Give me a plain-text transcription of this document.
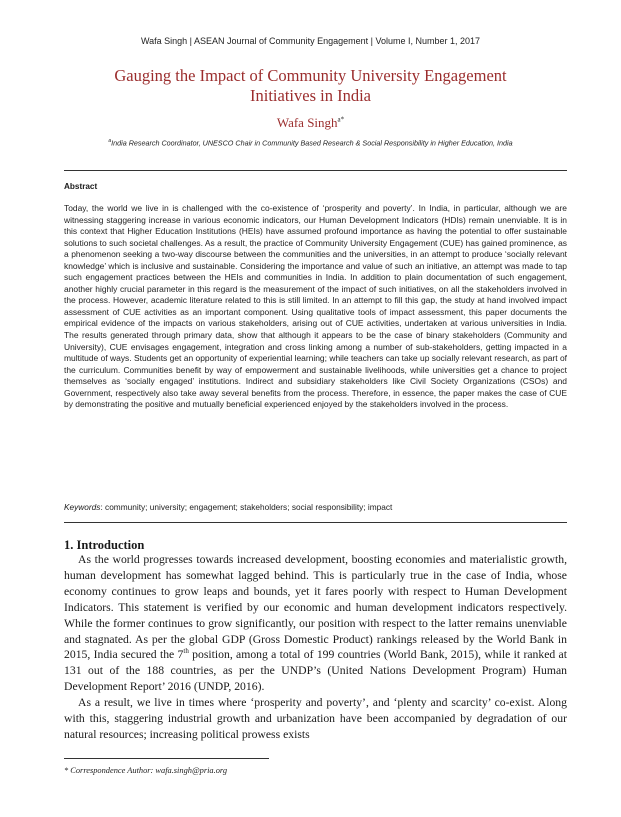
Wafa Singh | ASEAN Journal of Community Engagement | Volume I, Number 1, 2017
Gauging the Impact of Community University Engagement
Initiatives in India
Wafa Singh$^{a*}$
$^a$India Research Coordinator, UNESCO Chair in Community Based Research & Social Responsibility in Higher Education, India
Abstract

Today, the world we live in is challenged with the co-existence of ‘prosperity and poverty’. In India, in particular, although we are witnessing staggering increase in various economic indicators, our Human Development Indicators (HDIs) remain unenviable. It is in this context that Higher Education Institutions (HEIs) have assumed profound importance as having the potential to offer sustainable solutions to such societal challenges. As a result, the practice of Community University Engagement (CUE) has gained prominence, as a phenomenon seeking a two-way discourse between the communities and the universities, in an attempt to produce ‘socially relevant knowledge’ which is inclusive and sustainable. Considering the importance and value of such an initiative, an attempt was made to tap such engagement practices between the HEIs and communities in India. In addition to plain documentation of such engagement, another highly crucial parameter in this regard is the measurement of the impact of such initiatives, on all the stakeholders involved in the process. However, academic literature related to this is still limited. In an attempt to fill this gap, the study at hand involved impact assessment of CUE activities as an important component. Using qualitative tools of impact assessment, this paper documents the empirical evidence of the impacts on various stakeholders, arising out of CUE activities, undertaken at various universities in India. The results generated through primary data, show that although it appears to be the case of binary stakeholders (Community and University), CUE envisages engagement, integration and cross linking among a number of sub-stakeholders, getting impacted in a multitude of ways. Students get an opportunity of experiential learning; while teachers can take up socially relevant research, as part of the curriculum. Communities benefit by way of empowerment and sustainable livelihoods, while universities get a chance to project themselves as ‘socially engaged’ institutions. Indirect and subsidiary stakeholders like Civil Society Organizations (CSOs) and Government, respectively also take away several benefits from the process. Therefore, in essence, the paper makes the case of CUE by demonstrating the positive and mutually beneficial experienced enjoyed by the stakeholders involved in the process.

Keywords: community; university; engagement; stakeholders; social responsibility; impact
1. Introduction

As the world progresses towards increased development, boosting economies and materialistic growth, human development has somewhat lagged behind. This is particularly true in the case of India, whose economy continues to grow leaps and bounds, yet it fares poorly with respect to Human Development Indicators. This statement is verified by our economic and human development indicators respectively. While the former continues to grow significantly, our position with respect to the latter remains unenviable and stagnated. As per the global GDP (Gross Domestic Product) rankings released by the World Bank in 2015, India secured the 7th position, among a total of 199 countries (World Bank, 2015), while it ranked at 131 out of the 188 countries, as per the UNDP’s (United Nations Development Program) Human Development Report’ 2016 (UNDP, 2016).

As a result, we live in times where ‘prosperity and poverty’, and ‘plenty and scarcity’ co-exist. Along with this, staggering industrial growth and urbanization have been accompanied by degradation of our natural resources; increasing political prowess exists

* Correspondence Author: wafa.singh@pria.org
